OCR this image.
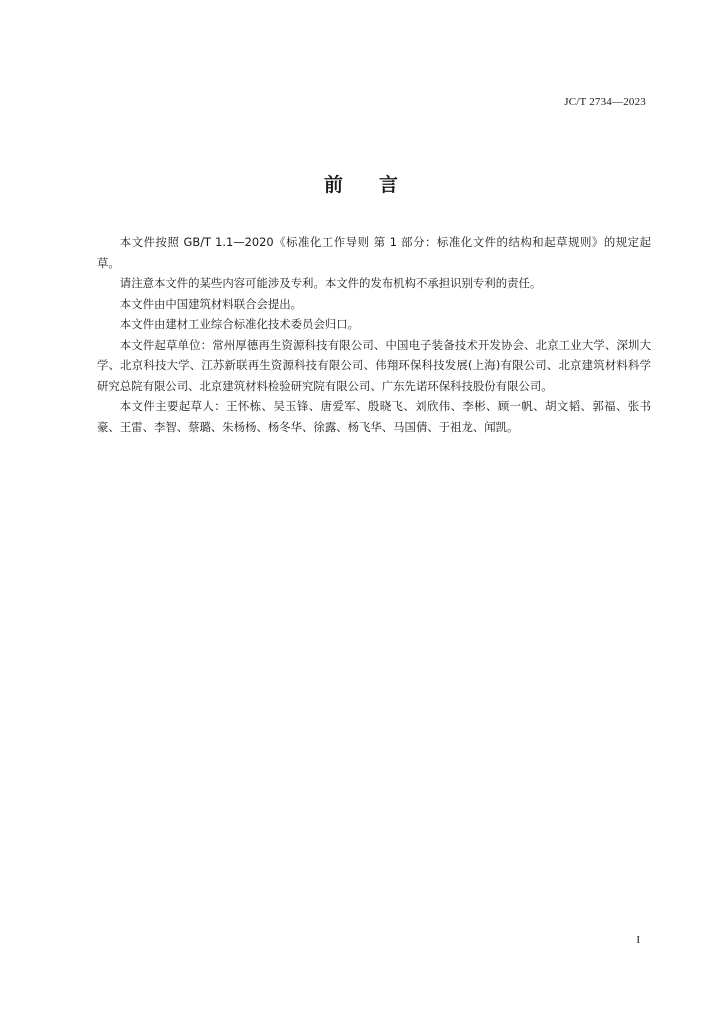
JC/T 2734—2023
前 言

本文件按照 GB/T 1.1—2020《标准化工作导则 第 1 部分：标准化文件的结构和起草规则》的规定起草。

请注意本文件的某些内容可能涉及专利。本文件的发布机构不承担识别专利的责任。

本文件由中国建筑材料联合会提出。

本文件由建材工业综合标准化技术委员会归口。

本文件起草单位：常州厚德再生资源科技有限公司、中国电子装备技术开发协会、北京工业大学、深圳大学、北京科技大学、江苏新联再生资源科技有限公司、伟翔环保科技发展(上海)有限公司、北京建筑材料科学研究总院有限公司、北京建筑材料检验研究院有限公司、广东先诺环保科技股份有限公司。

本文件主要起草人：王怀栋、吴玉锋、唐爱军、殷晓飞、刘欣伟、李彬、顾一帆、胡文韬、郭福、张书豪、王雷、李智、蔡璐、朱杨杨、杨冬华、徐露、杨飞华、马国倩、于祖龙、闻凯。

I
